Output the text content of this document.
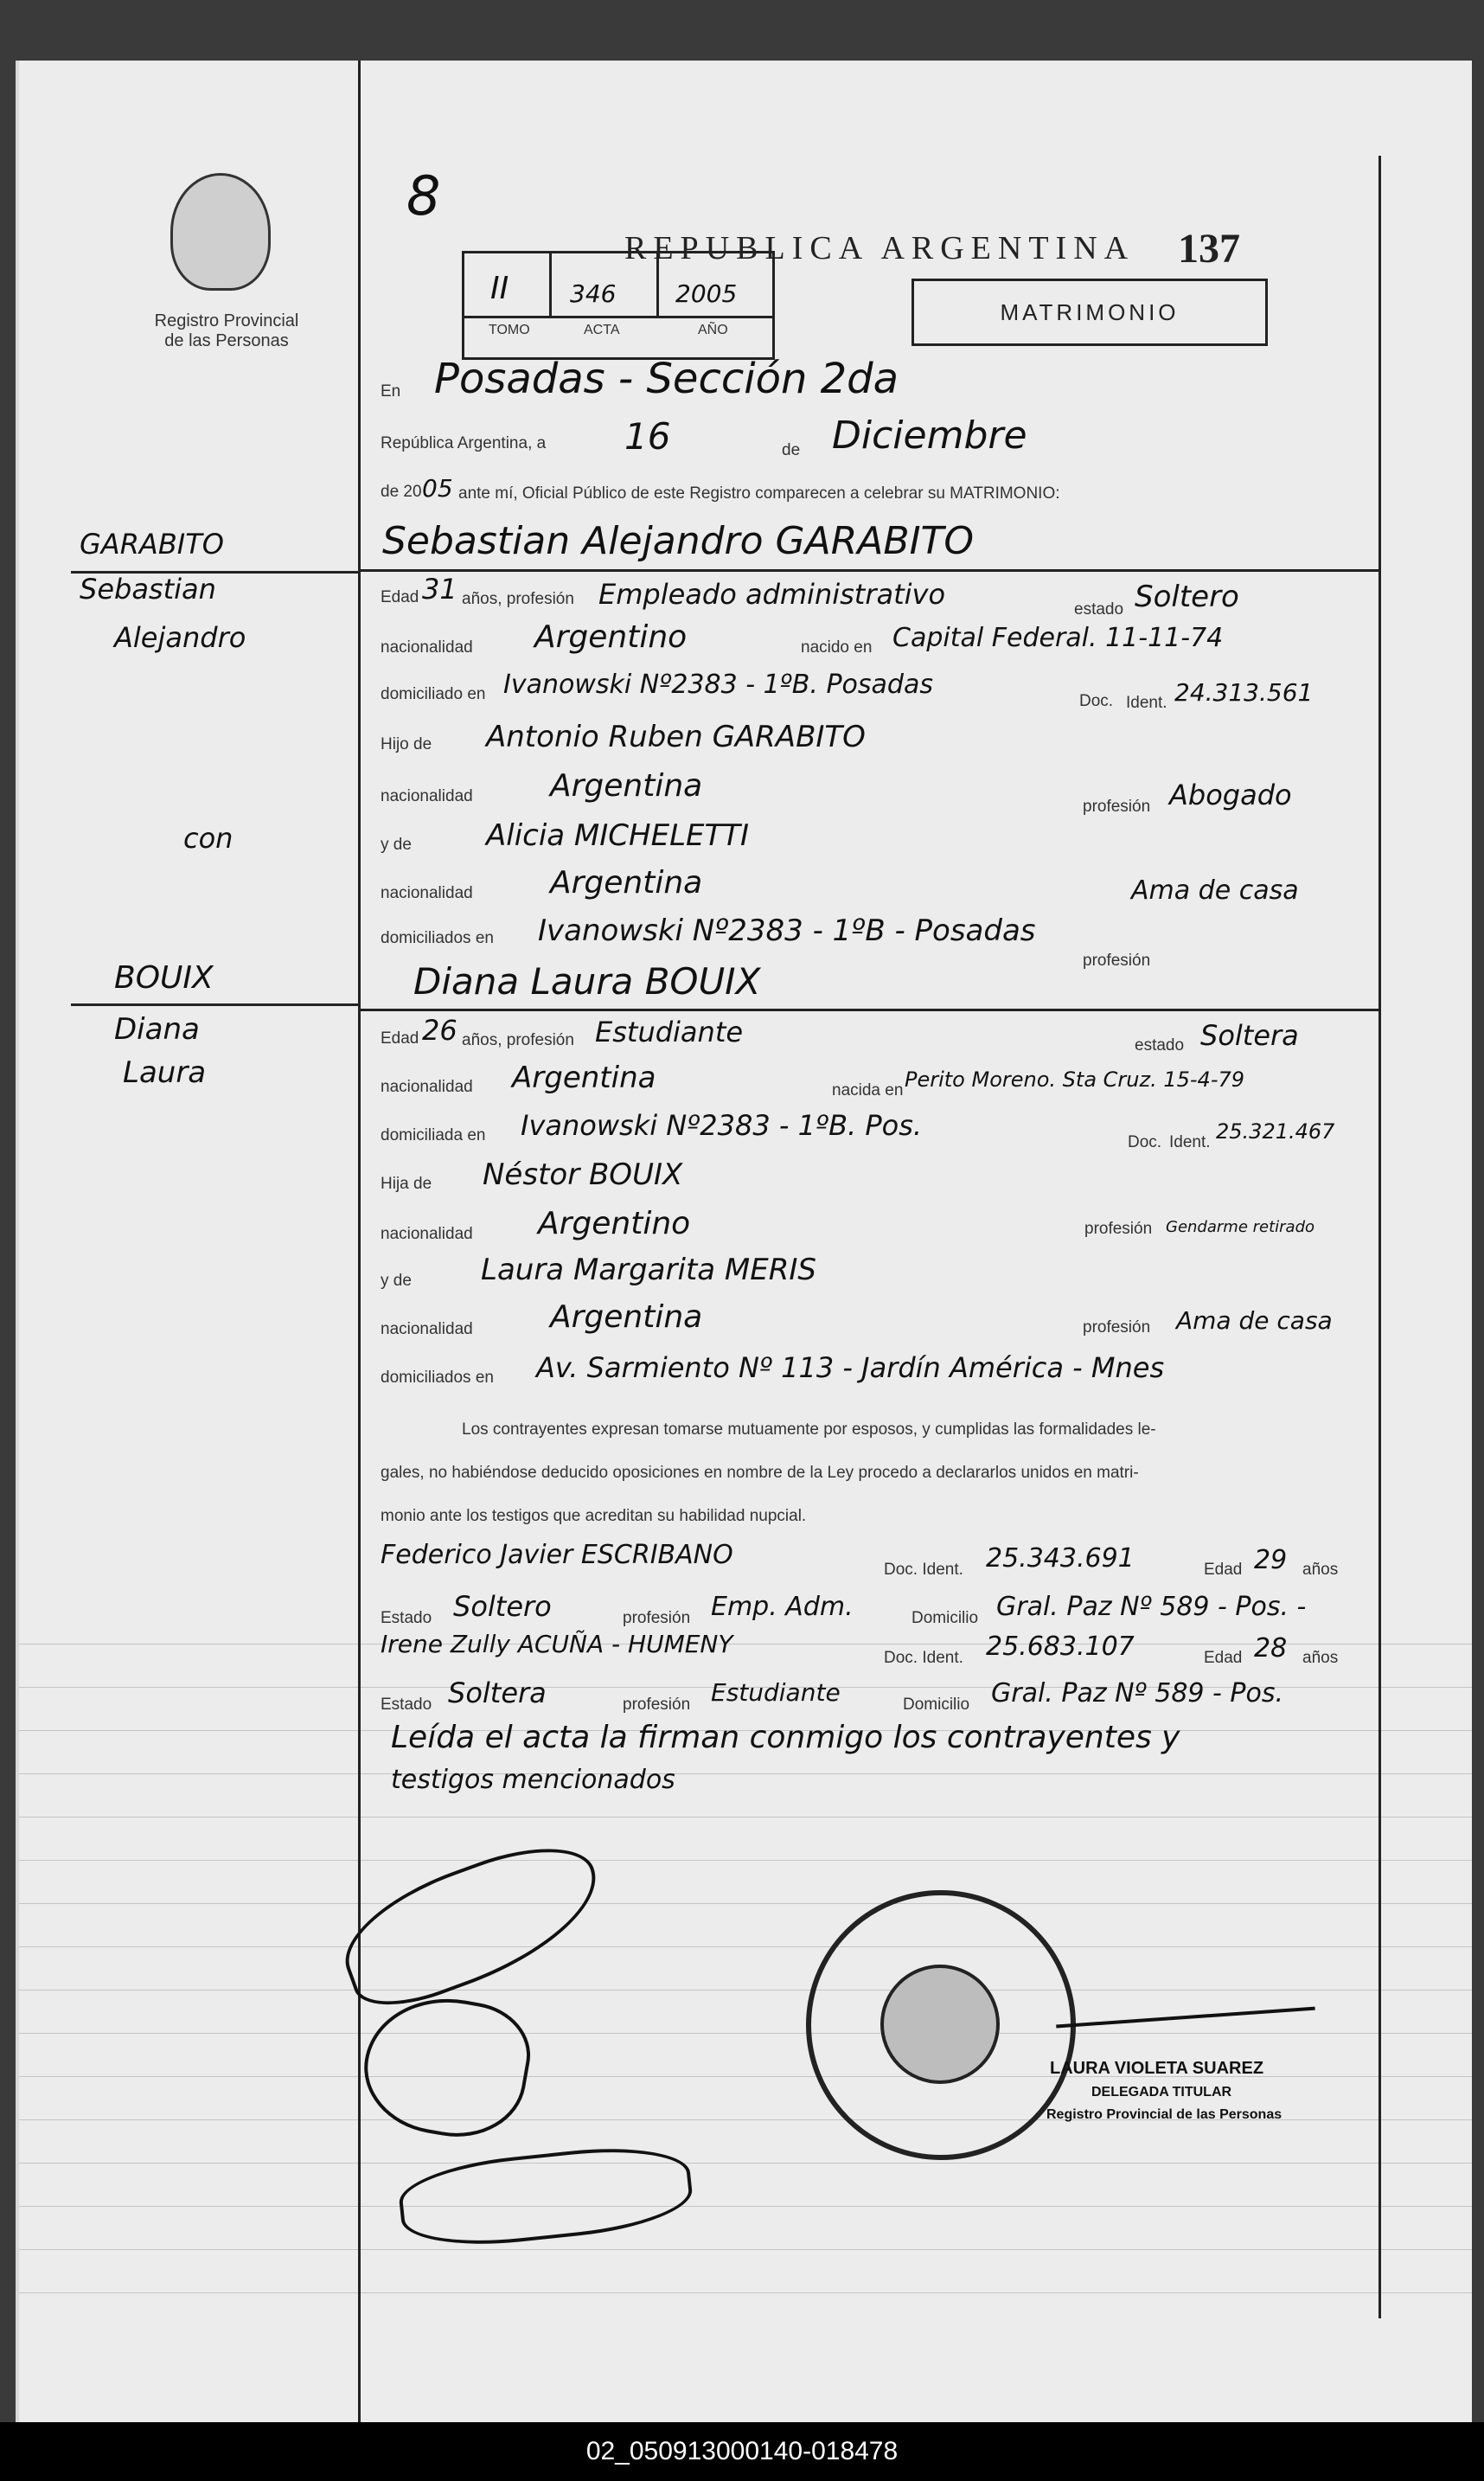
Registro Provincial
de las Personas
8
REPUBLICA ARGENTINA 137
II	346 2005
TOMO	ACTA	AÑO
MATRIMONIO
En Posadas - Sección 2da
República Argentina, a 16	de Diciembre
de 20 05 ante mí, Oficial Público de este Registro comparecen a celebrar su MATRIMONIO:
GARABITO
Sebastian
Alejandro
con
BOUIX
Diana
Laura
Sebastian Alejandro GARABITO
Edad 31 años, profesión Empleado administrativo	estado Soltero
nacionalidad Argentino	nacido en Capital Federal. 11-11-74
domiciliado en Ivanowski Nº2383 - 1ºB. Posadas
Doc. Ident. 24.313.561
Hijo de Antonio Ruben GARABITO
nacionalidad Argentina
profesión Abogado
y de	Alicia MICHELETTI
nacionalidad Argentina
profesión
Ama de casa
domiciliados en Ivanowski Nº2383 - 1ºB - Posadas
Diana Laura BOUIX
Edad 26 años, profesión Estudiante	estado Soltera
nacionalidad Argentina	nacida en Perito Moreno. Sta Cruz. 15-4-79
domiciliada en Ivanowski Nº2383 - 1ºB. Pos.
Doc. Ident. 25.321.467
Hija de Néstor BOUIX
nacionalidad Argentino	profesión Gendarme retirado
y de Laura Margarita MERIS
nacionalidad Argentina	profesión Ama de casa
domiciliados en Av. Sarmiento Nº 113 - Jardín América - Mnes
Los contrayentes expresan tomarse mutuamente por esposos, y cumplidas las formalidades le-
gales, no habiéndose deducido oposiciones en nombre de la Ley procedo a declararlos unidos en matri-
monio ante los testigos que acreditan su habilidad nupcial.
Federico Javier ESCRIBANO	Doc. Ident. 25.343.691	Edad 29 años
Estado Soltero	profesión Emp. Adm.	Domicilio Gral. Paz Nº 589 - Pos. -
Irene Zully ACUÑA - HUMENY	Doc. Ident. 25.683.107	Edad 28 años
Estado Soltera	profesión Estudiante	Domicilio Gral. Paz Nº 589 - Pos.
Leída el acta la firman conmigo los contrayentes y
testigos mencionados
LAURA VIOLETA SUAREZ
DELEGADA TITULAR
Registro Provincial de las Personas
02_050913000140-018478
